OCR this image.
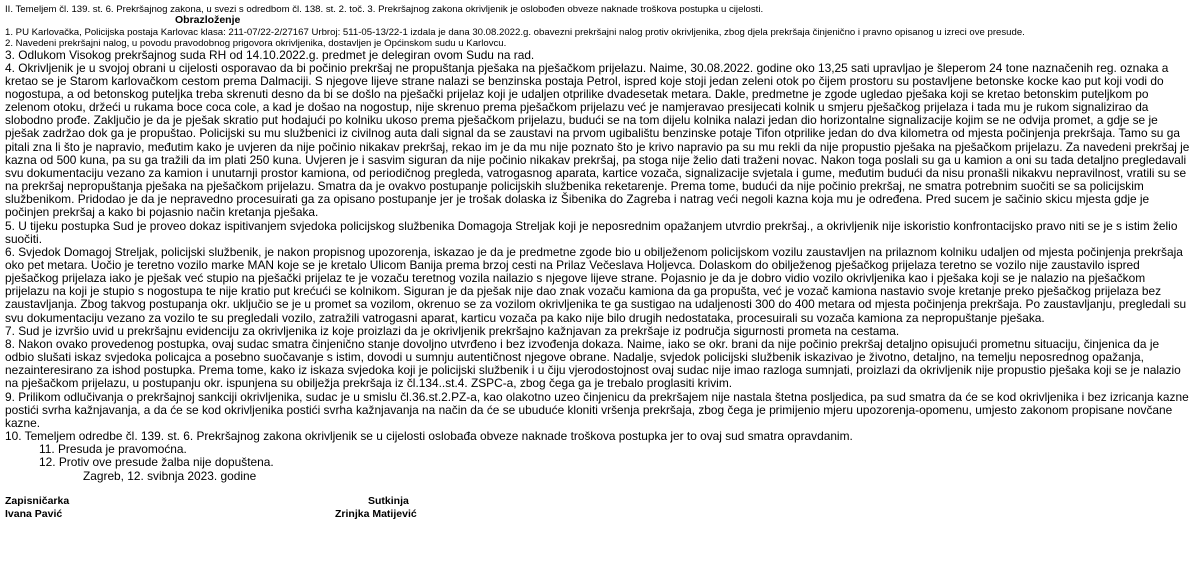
II. Temeljem čl. 139. st. 6. Prekršajnog zakona, u svezi s odredbom čl. 138. st. 2. toč. 3. Prekršajnog zakona okrivljenik je oslobođen obveze naknade troškova postupka u cijelosti.

Obrazloženje

1. PU Karlovačka, Policijska postaja Karlovac klasa: 211-07/22-2/27167 Urbroj: 511-05-13/22-1 izdala je dana 30.08.2022.g. obavezni prekršajni nalog protiv okrivljenika, zbog djela prekršaja činjenično i pravno opisanog u izreci ove presude.

2. Navedeni prekršajni nalog, u povodu pravodobnog prigovora okrivljenika, dostavljen je Općinskom sudu u Karlovcu.

3. Odlukom Visokog prekršajnog suda RH od 14.10.2022.g. predmet je delegiran ovom Sudu na rad.

4. Okrivljenik je u svojoj obrani u cijelosti osporavao da bi počinio prekršaj ne propuštanja pješaka na pješačkom prijelazu. Naime, 30.08.2022. godine oko 13,25 sati upravljao je šleperom 24 tone naznačenih reg. oznaka a kretao se je Starom karlovačkom cestom prema Dalmaciji. S njegove lijeve strane nalazi se benzinska postaja Petrol, ispred koje stoji jedan zeleni otok po čijem prostoru su postavljene betonske kocke kao put koji vodi do nogostupa, a od betonskog puteljka treba skrenuti desno da bi se došlo na pješački prijelaz koji je udaljen otprilike dvadesetak metara. Dakle, predmetne je zgode ugledao pješaka koji se kretao betonskim puteljkom po zelenom otoku, držeći u rukama boce coca cole, a kad je došao na nogostup, nije skrenuo prema pješačkom prijelazu već je namjeravao presijecati kolnik u smjeru pješačkog prijelaza i tada mu je rukom signalizirao da slobodno prođe. Zaključio je da je pješak skratio put hodajući po kolniku ukoso prema pješačkom prijelazu, budući se na tom dijelu kolnika nalazi jedan dio horizontalne signalizacije kojim se ne odvija promet, a gdje se je pješak zadržao dok ga je propuštao. Policijski su mu službenici iz civilnog auta dali signal da se zaustavi na prvom ugibalištu benzinske potaje Tifon otprilike jedan do dva kilometra od mjesta počinjenja prekršaja. Tamo su ga pitali zna li što je napravio, međutim kako je uvjeren da nije počinio nikakav prekršaj, rekao im je da mu nije poznato što je krivo napravio pa su mu rekli da nije propustio pješaka na pješačkom prijelazu. Za navedeni prekršaj je kazna od 500 kuna, pa su ga tražili da im plati 250 kuna. Uvjeren je i sasvim siguran da nije počinio nikakav prekršaj, pa stoga nije želio dati traženi novac. Nakon toga poslali su ga u kamion a oni su tada detaljno pregledavali svu dokumentaciju vezano za kamion i unutarnji prostor kamiona, od periodičnog pregleda, vatrogasnog aparata, kartice vozača, signalizacije svjetala i gume, međutim budući da nisu pronašli nikakvu nepravilnost, vratili su se na prekršaj nepropuštanja pješaka na pješačkom prijelazu. Smatra da je ovakvo postupanje policijskih službenika reketarenje. Prema tome, budući da nije počinio prekršaj, ne smatra potrebnim suočiti se sa policijskim službenikom. Pridodao je da je nepravedno procesuirati ga za opisano postupanje jer je trošak dolaska iz Šibenika do Zagreba i natrag veći negoli kazna koja mu je određena. Pred sucem je sačinio skicu mjesta gdje je počinjen prekršaj a kako bi pojasnio način kretanja pješaka.

5. U tijeku postupka Sud je proveo dokaz ispitivanjem svjedoka policijskog službenika Domagoja Streljak koji je neposrednim opažanjem utvrdio prekršaj., a okrivljenik nije iskoristio konfrontacijsko pravo niti se je s istim želio suočiti.

6. Svjedok Domagoj Streljak, policijski službenik, je nakon propisnog upozorenja, iskazao je da je predmetne zgode bio u obilježenom policijskom vozilu zaustavljen na prilaznom kolniku udaljen od mjesta počinjenja prekršaja oko pet metara. Uočio je teretno vozilo marke MAN koje se je kretalo Ulicom Banija prema brzoj cesti na Prilaz Večeslava Holjevca. Dolaskom do obilježenog pješačkog prijelaza teretno se vozilo nije zaustavilo ispred pješačkog prijelaza iako je pješak već stupio na pješački prijelaz te je vozaču teretnog vozila nailazio s njegove lijeve strane. Pojasnio je da je dobro vidio vozilo okrivljenika kao i pješaka koji se je nalazio na pješačkom prijelazu na koji je stupio s nogostupa te nije kratio put krećući se kolnikom. Siguran je da pješak nije dao znak vozaču kamiona da ga propušta, već je vozač kamiona nastavio svoje kretanje preko pješačkog prijelaza bez zaustavljanja. Zbog takvog postupanja okr. uključio se je u promet sa vozilom, okrenuo se za vozilom okrivljenika te ga sustigao na udaljenosti 300 do 400 metara od mjesta počinjenja prekršaja. Po zaustavljanju, pregledali su svu dokumentaciju vezano za vozilo te su pregledali vozilo, zatražili vatrogasni aparat, karticu vozača pa kako nije bilo drugih nedostataka, procesuirali su vozača kamiona za nepropuštanje pješaka.

7. Sud je izvršio uvid u prekršajnu evidenciju za okrivljenika iz koje proizlazi da je okrivljenik prekršajno kažnjavan za prekršaje iz područja sigurnosti prometa na cestama.

8. Nakon ovako provedenog postupka, ovaj sudac smatra činjenično stanje dovoljno utvrđeno i bez izvođenja dokaza. Naime, iako se okr. brani da nije počinio prekršaj detaljno opisujući prometnu situaciju, činjenica da je odbio slušati iskaz svjedoka policajca a posebno suočavanje s istim, dovodi u sumnju autentičnost njegove obrane. Nadalje, svjedok policijski službenik iskazivao je životno, detaljno, na temelju neposrednog opažanja, nezainteresirano za ishod postupka. Prema tome, kako iz iskaza svjedoka koji je policijski službenik i u čiju vjerodostojnost ovaj sudac nije imao razloga sumnjati, proizlazi da okrivljenik nije propustio pješaka koji se je nalazio na pješačkom prijelazu, u postupanju okr. ispunjena su obilježja prekršaja iz čl.134..st.4. ZSPC-a, zbog čega ga je trebalo proglasiti krivim.

9. Prilikom odlučivanja o prekršajnoj sankciji okrivljenika, sudac je u smislu čl.36.st.2.PZ-a, kao olakotno uzeo činjenicu da prekršajem nije nastala štetna posljedica, pa sud smatra da će se kod okrivljenika i bez izricanja kazne postići svrha kažnjavanja, a da će se kod okrivljenika postići svrha kažnjavanja na način da će se ubuduće kloniti vršenja prekršaja, zbog čega je primijenio mjeru upozorenja-opomenu, umjesto zakonom propisane novčane kazne.

10. Temeljem odredbe čl. 139. st. 6. Prekršajnog zakona okrivljenik se u cijelosti oslobađa obveze naknade troškova postupka jer to ovaj sud smatra opravdanim.

11. Presuda je pravomoćna.

12. Protiv ove presude žalba nije dopuštena.

Zagreb, 12. svibnja 2023. godine

Zapisničarka
Ivana Pavić
Sutkinja
Zrinjka Matijević
